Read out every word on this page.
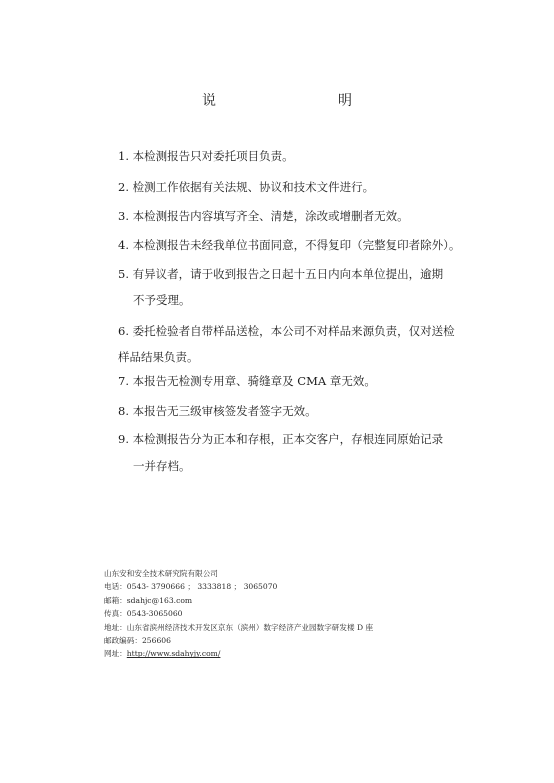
说　明
1. 本检测报告只对委托项目负责。
2. 检测工作依据有关法规、协议和技术文件进行。
3. 本检测报告内容填写齐全、清楚，涂改或增删者无效。
4. 本检测报告未经我单位书面同意，不得复印（完整复印者除外）。
5. 有异议者，请于收到报告之日起十五日内向本单位提出，逾期
不予受理。
6. 委托检验者自带样品送检，本公司不对样品来源负责，仅对送检
样品结果负责。
7. 本报告无检测专用章、骑缝章及 CMA 章无效。
8. 本报告无三级审核签发者签字无效。
9. 本检测报告分为正本和存根，正本交客户，存根连同原始记录
一并存档。
山东安和安全技术研究院有限公司
电话：0543- 3790666 ； 3333818 ； 3065070
邮箱：sdahjc@163.com
传真：0543-3065060
地址：山东省滨州经济技术开发区京东（滨州）数字经济产业园数字研发楼 D 座
邮政编码：256606
网址：http://www.sdahyjy.com/
